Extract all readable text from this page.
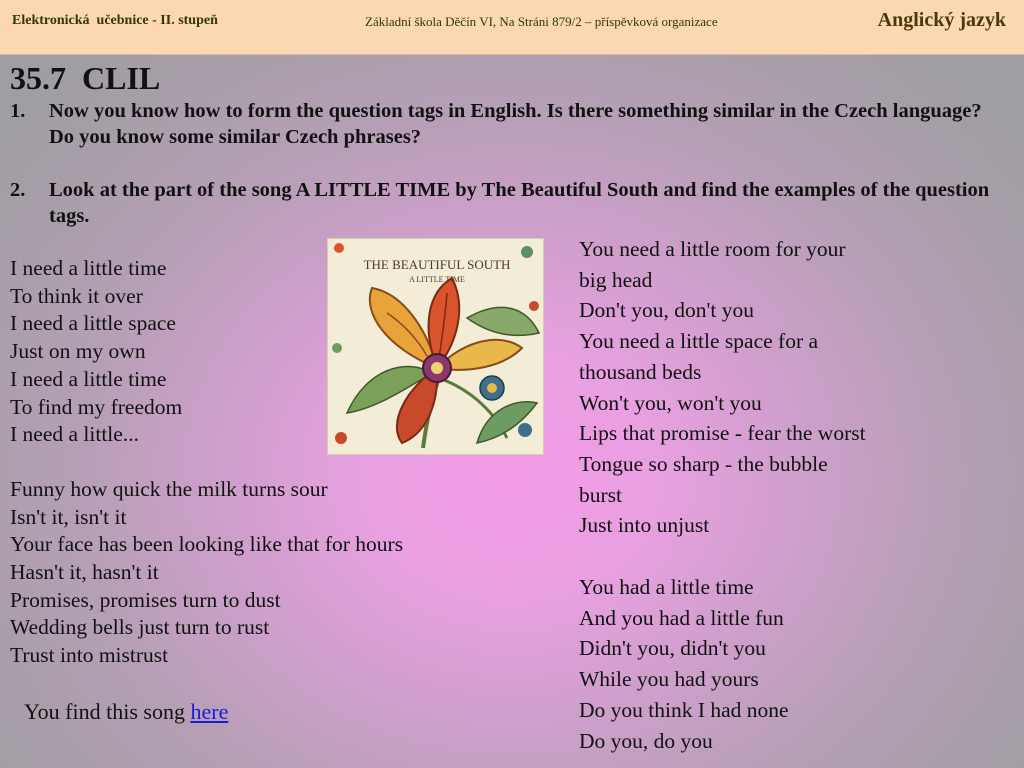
Elektronická  učebnice - II. stupeň	Základní škola Děčín VI, Na Stráni 879/2 – příspěvková organizace	Anglický jazyk
35.7  CLIL
1. Now you know how to form the question tags in English. Is there something similar in the Czech language? Do you know some similar Czech phrases?
2. Look at the part of the song A LITTLE TIME by The Beautiful South and find the examples of the question tags.
I need a little time
To think it over
I need a little space
Just on my own
I need a little time
To find my freedom
I need a little...
Funny how quick the milk turns sour
Isn't it, isn't it
Your face has been looking like that for hours
Hasn't it, hasn't it
Promises, promises turn to dust
Wedding bells just turn to rust
Trust into mistrust
THE BEAUTIFUL SOUTH
A LITTLE TIME
You need a little room for your
big head
Don't you, don't you
You need a little space for a
thousand beds
Won't you, won't you
Lips that promise - fear the worst
Tongue so sharp - the bubble
burst
Just into unjust
You had a little time
And you had a little fun
Didn't you, didn't you
While you had yours
Do you think I had none
Do you, do you
You find this song here
